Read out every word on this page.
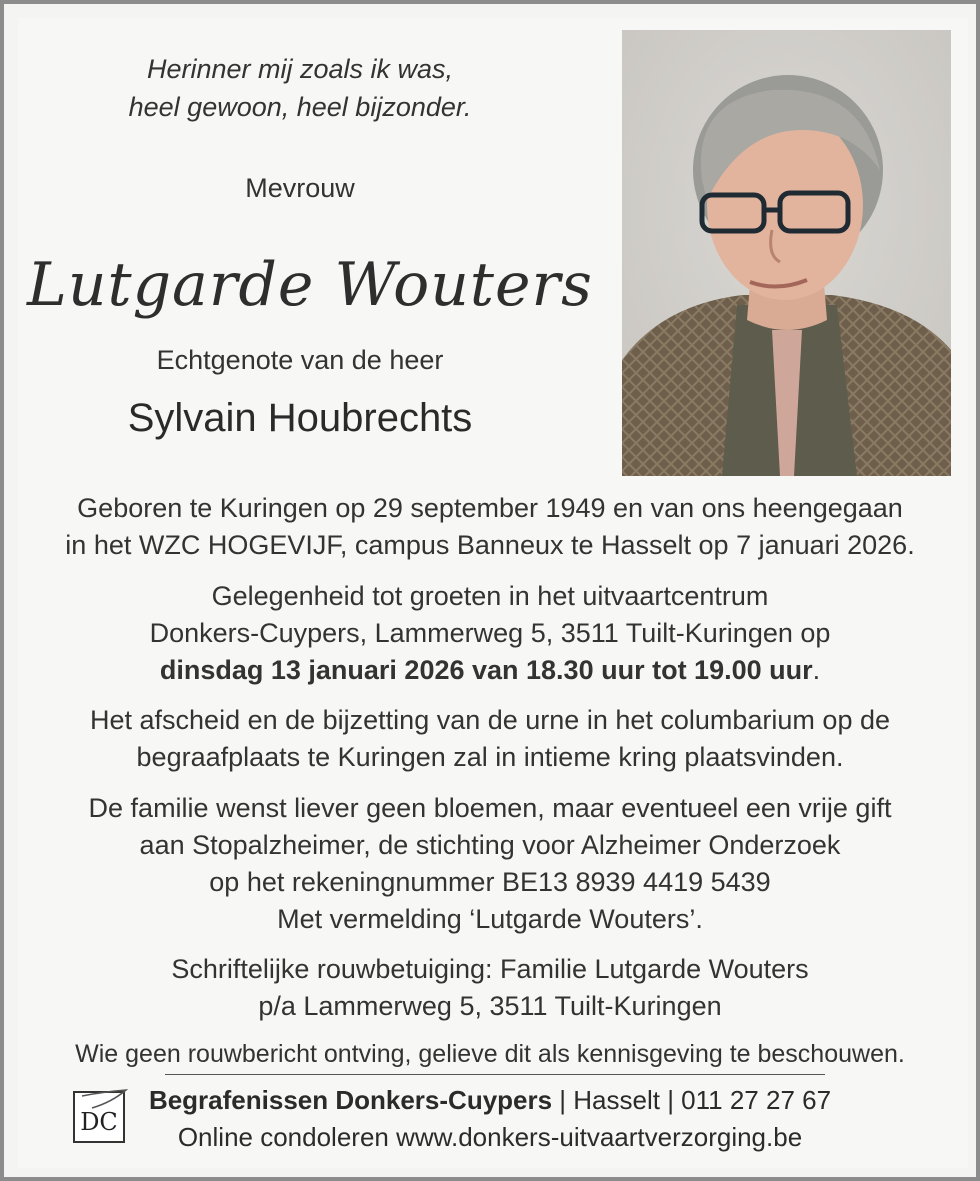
Herinner mij zoals ik was,
heel gewoon, heel bijzonder.
Mevrouw
Lutgarde Wouters
Echtgenote van de heer
Sylvain Houbrechts
Geboren te Kuringen op 29 september 1949 en van ons heengegaan
in het WZC HOGEVIJF, campus Banneux te Hasselt op 7 januari 2026.
Gelegenheid tot groeten in het uitvaartcentrum
Donkers-Cuypers, Lammerweg 5, 3511 Tuilt-Kuringen op
dinsdag 13 januari 2026 van 18.30 uur tot 19.00 uur.
Het afscheid en de bijzetting van de urne in het columbarium op de
begraafplaats te Kuringen zal in intieme kring plaatsvinden.
De familie wenst liever geen bloemen, maar eventueel een vrije gift
aan Stopalzheimer, de stichting voor Alzheimer Onderzoek
op het rekeningnummer BE13 8939 4419 5439
Met vermelding ‘Lutgarde Wouters’.
Schriftelijke rouwbetuiging: Familie Lutgarde Wouters
p/a Lammerweg 5, 3511 Tuilt-Kuringen
Wie geen rouwbericht ontving, gelieve dit als kennisgeving te beschouwen.
DC
Begrafenissen Donkers-Cuypers | Hasselt | 011 27 27 67
Online condoleren www.donkers-uitvaartverzorging.be
